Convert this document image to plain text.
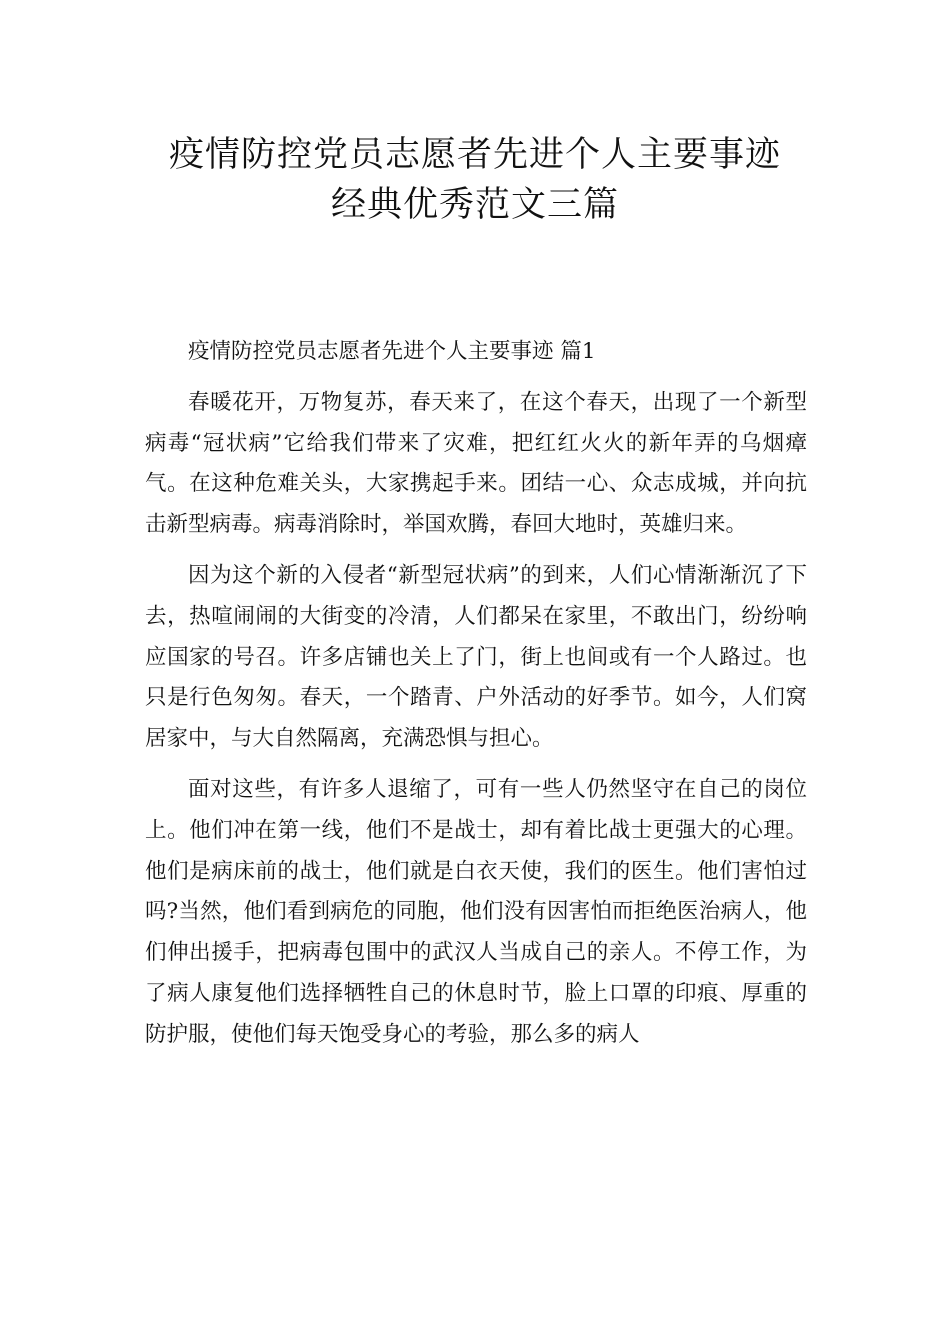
疫情防控党员志愿者先进个人主要事迹
经典优秀范文三篇

疫情防控党员志愿者先进个人主要事迹 篇1

春暖花开，万物复苏，春天来了，在这个春天，出现了一个新型病毒“冠状病”它给我们带来了灾难，把红红火火的新年弄的乌烟瘴气。在这种危难关头，大家携起手来。团结一心、众志成城，并向抗击新型病毒。病毒消除时，举国欢腾，春回大地时，英雄归来。

因为这个新的入侵者“新型冠状病”的到来，人们心情渐渐沉了下去，热喧闹闹的大街变的冷清，人们都呆在家里，不敢出门，纷纷响应国家的号召。许多店铺也关上了门，街上也间或有一个人路过。也只是行色匆匆。春天，一个踏青、户外活动的好季节。如今，人们窝居家中，与大自然隔离，充满恐惧与担心。

面对这些，有许多人退缩了，可有一些人仍然坚守在自己的岗位上。他们冲在第一线，他们不是战士，却有着比战士更强大的心理。他们是病床前的战士，他们就是白衣天使，我们的医生。他们害怕过吗?当然，他们看到病危的同胞，他们没有因害怕而拒绝医治病人，他们伸出援手，把病毒包围中的武汉人当成自己的亲人。不停工作，为了病人康复他们选择牺牲自己的休息时节，脸上口罩的印痕、厚重的防护服，使他们每天饱受身心的考验，那么多的病人
